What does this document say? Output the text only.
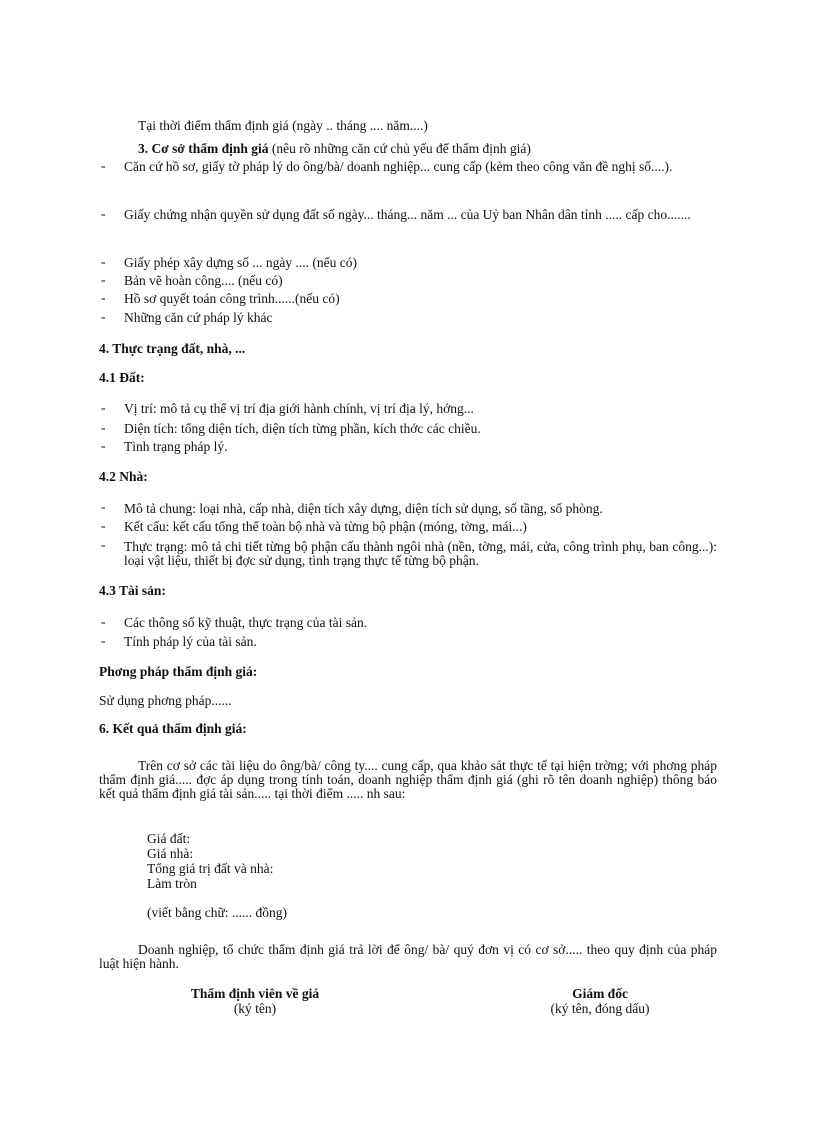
Tại thời điểm thẩm định giá (ngày .. tháng .... năm....)
3. Cơ sở thẩm định giá (nêu rõ những căn cứ chủ yếu để thẩm định giá)
-	Căn cứ hồ sơ, giấy tờ pháp lý do ông/bà/ doanh nghiệp... cung cấp (kèm theo công văn đề nghị số....).
-	Giấy chứng nhận quyền sử dụng đất số ngày... tháng... năm ... của Uỷ ban Nhân dân tỉnh ..... cấp cho.......
-	Giấy phép xây dựng số ... ngày .... (nếu có)
-	Bản vẽ hoàn công.... (nếu có)
-	Hồ sơ quyết toán công trình......(nếu có)
-	Những căn cứ pháp lý khác
4. Thực trạng đất, nhà, ...
4.1 Đất:
-	Vị trí: mô tả cụ thể vị trí địa giới hành chính, vị trí địa lý, hớng...
-	Diện tích: tổng diện tích, diện tích từng phần, kích thớc các chiều.
-	Tình trạng pháp lý.
4.2 Nhà:
-	Mô tả chung: loại nhà, cấp nhà, diện tích xây dựng, diện tích sử dụng, số tầng, số phòng.
-	Kết cấu: kết cấu tổng thể toàn bộ nhà và từng bộ phận (móng, tờng, mái...)
-	Thực trạng: mô tả chi tiết từng bộ phận cấu thành ngôi nhà (nền, tờng, mái, cửa, công trình phụ, ban công...): loại vật liệu, thiết bị đợc sử dụng, tình trạng thực tế từng bộ phận.
4.3 Tài sản:
-	Các thông số kỹ thuật, thực trạng của tài sản.
-	Tính pháp lý của tài sản.
Phơng pháp thẩm định giá:
Sử dụng phơng pháp......
6. Kết quả thẩm định giá:
Trên cơ sở các tài liệu do ông/bà/ công ty.... cung cấp, qua khảo sát thực tế tại hiện trờng; với phơng pháp thẩm định giá..... đợc áp dụng trong tính toán, doanh nghiệp thẩm định giá (ghi rõ tên doanh nghiệp) thông báo kết quả thẩm định giá tài sản..... tại thời điểm ..... nh sau:
Giá đất:
Giá nhà:
Tổng giá trị đất và nhà:
Làm tròn
(viết bằng chữ: ...... đồng)
Doanh nghiệp, tổ chức thẩm định giá trả lời để ông/ bà/ quý đơn vị có cơ sở..... theo quy định của pháp luật hiện hành.
Thẩm định viên về giá
(ký tên)
Giám đốc
(ký tên, đóng dấu)
